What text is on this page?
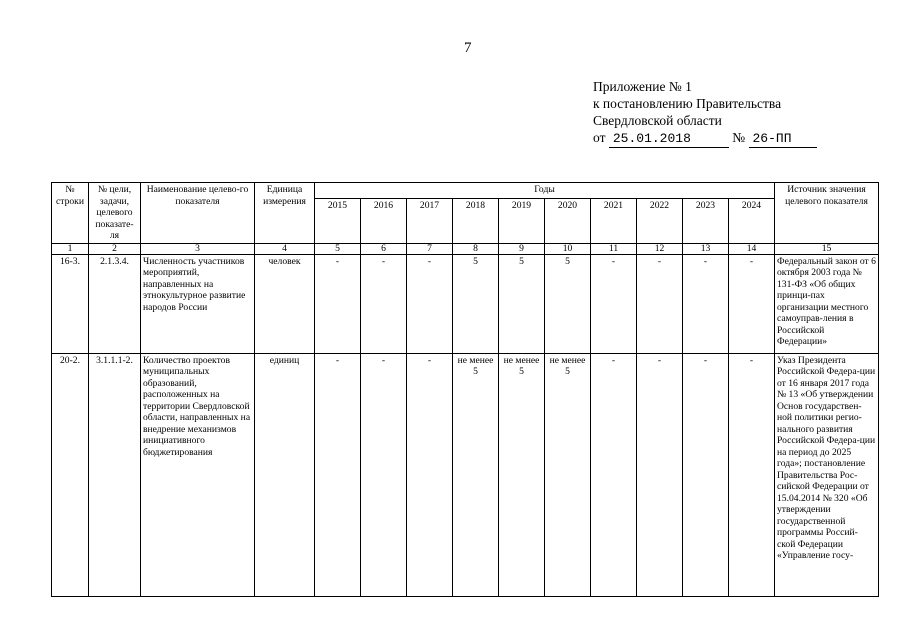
7
Приложение № 1
к постановлению Правительства
Свердловской области
от 25.01.2018	№ 26-ПП
№ строки	№ цели, задачи, целевого показате-ля	Наименование целево-го показателя	Единица измерения	Годы										Источник значения целевого показателя
				2015	2016	2017	2018	2019	2020	2021	2022	2023	2024	
1	2	3	4	5	6	7	8	9	10	11	12	13	14	15
16-3.	2.1.3.4.	Численность участников мероприятий, направленных на этнокультурное развитие народов России	человек	-	-	-	5	5	5	-	-	-	-	Федеральный закон от 6 октября 2003 года № 131-ФЗ «Об общих принци-пах организации местного самоуправ-ления в Российской Федерации»
20-2.	3.1.1.1-2.	Количество проектов муниципальных образований, расположенных на территории Свердловской области, направленных на внедрение механизмов инициативного бюджетирования	единиц	-	-	-	не менее 5	не менее 5	не менее 5	-	-	-	-	Указ Президента Российской Федера-ции от 16 января 2017 года № 13 «Об утверждении Основ государствен-ной политики регио-нального развития Российской Федера-ции на период до 2025 года»; постановление Правительства Рос-сийской Федерации от 15.04.2014 № 320 «Об утверждении государственной программы Россий-ской Федерации «Управление госу-
